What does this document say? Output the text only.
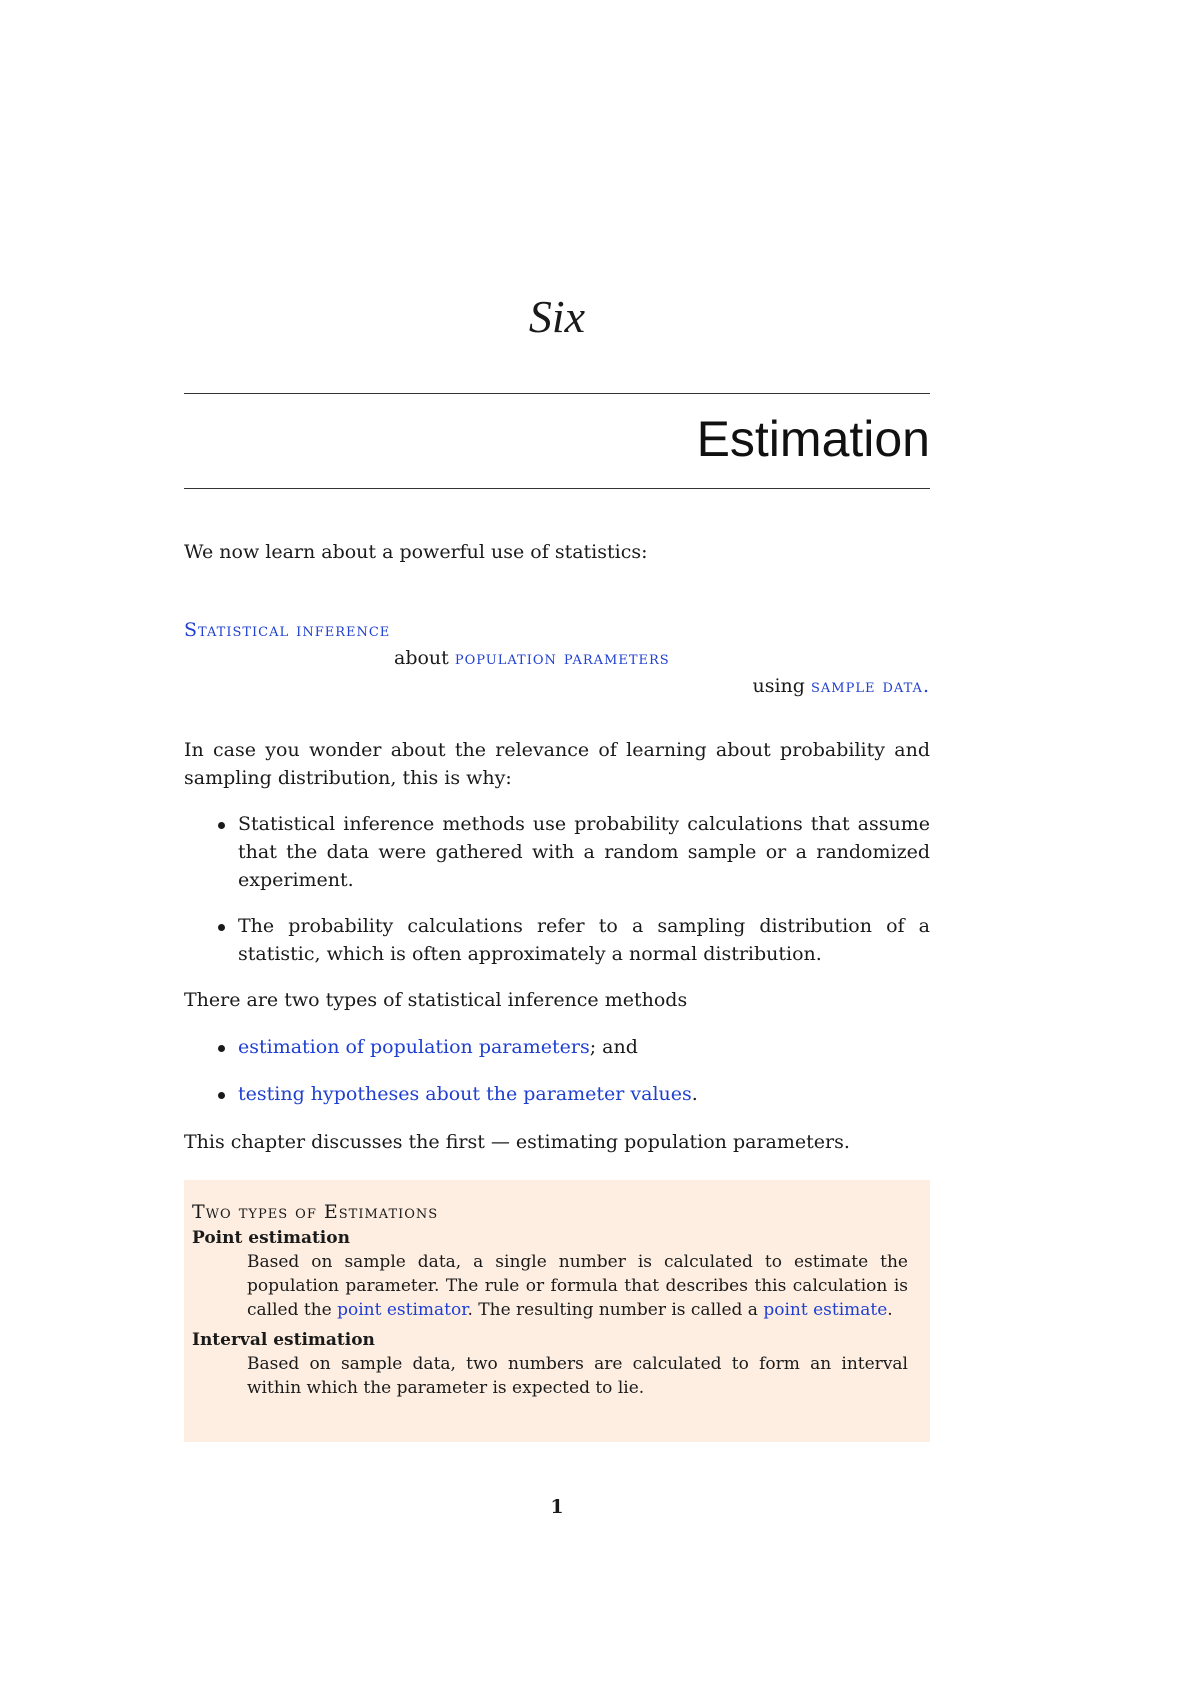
Six
Estimation
We now learn about a powerful use of statistics:
Statistical inference
about population parameters
using sample data.
In case you wonder about the relevance of learning about probability and sampling distribution, this is why:
Statistical inference methods use probability calculations that assume that the data were gathered with a random sample or a randomized experiment.
The probability calculations refer to a sampling distribution of a statistic, which is often approximately a normal distribution.
There are two types of statistical inference methods
estimation of population parameters; and
testing hypotheses about the parameter values.
This chapter discusses the first — estimating population parameters.
Two types of Estimations
Point estimation
Based on sample data, a single number is calculated to estimate the population parameter. The rule or formula that describes this calculation is called the point estimator. The resulting number is called a point estimate.
Interval estimation
Based on sample data, two numbers are calculated to form an interval within which the parameter is expected to lie.
1
